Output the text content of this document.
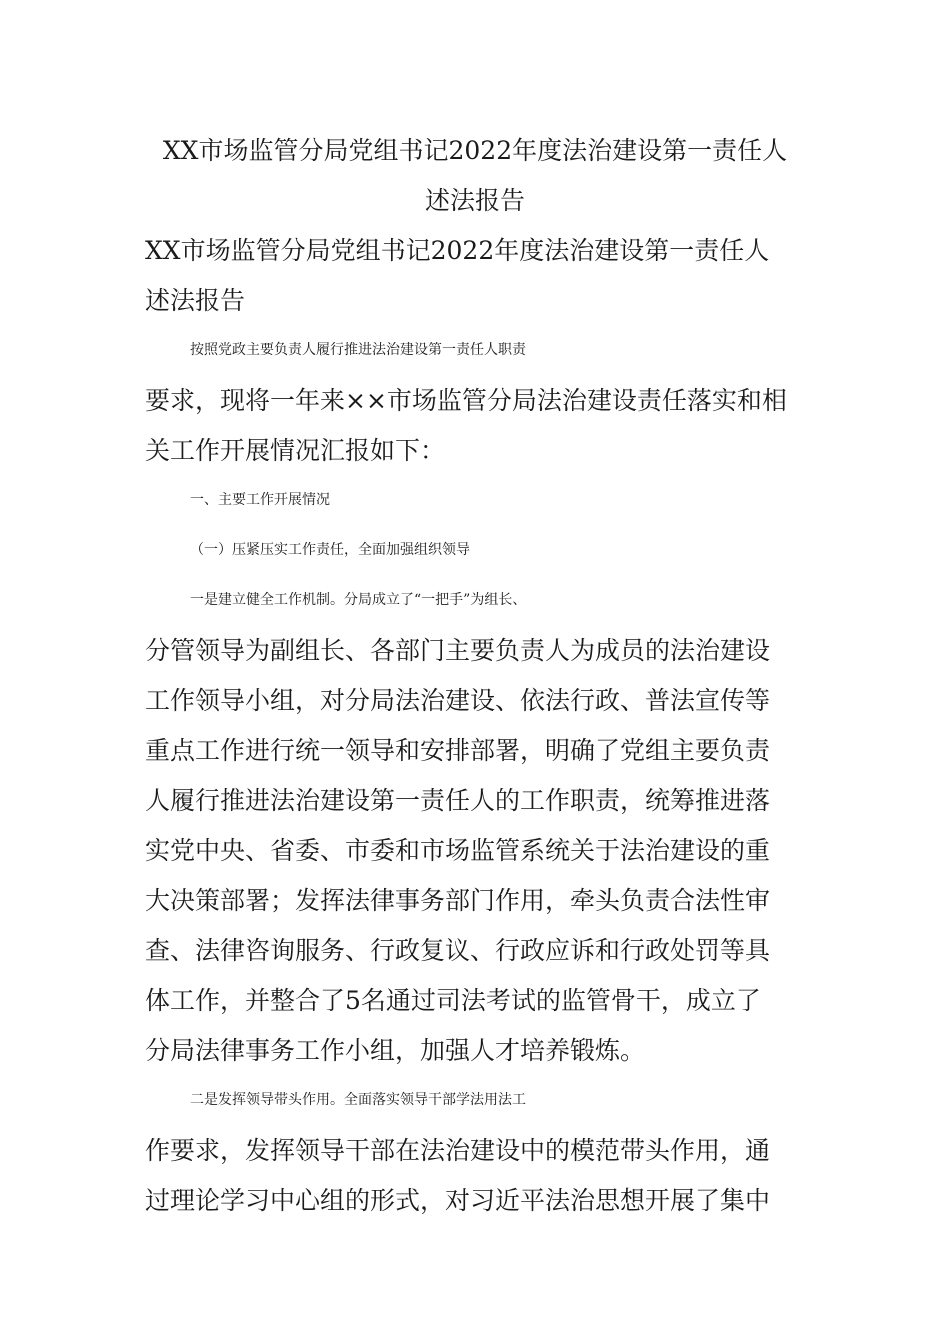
XX市场监管分局党组书记2022年度法治建设第一责任人
述法报告

XX市场监管分局党组书记2022年度法治建设第一责任人

述法报告

按照党政主要负责人履行推进法治建设第一责任人职责

要求，现将一年来××市场监管分局法治建设责任落实和相

关工作开展情况汇报如下：

一、主要工作开展情况

（一）压紧压实工作责任，全面加强组织领导

一是建立健全工作机制。分局成立了“一把手”为组长、

分管领导为副组长、各部门主要负责人为成员的法治建设

工作领导小组，对分局法治建设、依法行政、普法宣传等

重点工作进行统一领导和安排部署，明确了党组主要负责

人履行推进法治建设第一责任人的工作职责，统筹推进落

实党中央、省委、市委和市场监管系统关于法治建设的重

大决策部署；发挥法律事务部门作用，牵头负责合法性审

查、法律咨询服务、行政复议、行政应诉和行政处罚等具

体工作，并整合了5名通过司法考试的监管骨干，成立了

分局法律事务工作小组，加强人才培养锻炼。

二是发挥领导带头作用。全面落实领导干部学法用法工

作要求，发挥领导干部在法治建设中的模范带头作用，通

过理论学习中心组的形式，对习近平法治思想开展了集中
